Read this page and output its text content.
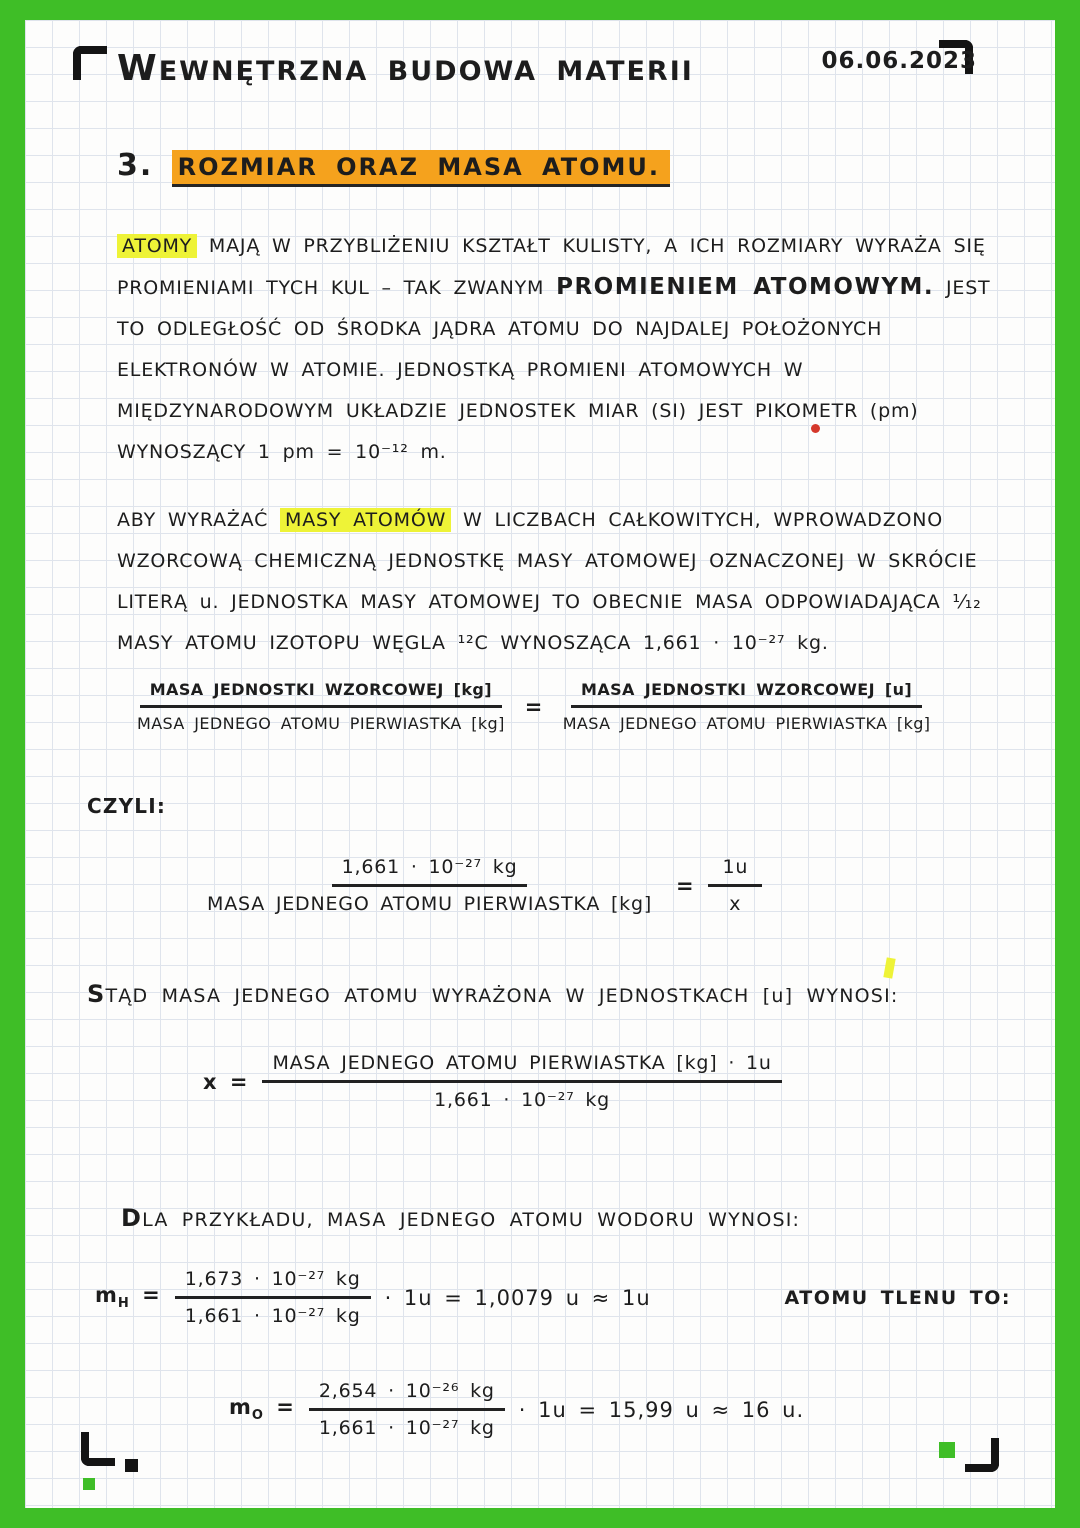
WEWNĘTRZNA BUDOWA MATERII	06.06.2023
3. ROZMIAR ORAZ MASA ATOMU.

ATOMY MAJĄ W PRZYBLIŻENIU KSZTAŁT KULISTY, A ICH ROZMIARY WYRAŻA SIĘ PROMIENIAMI TYCH KUL – TAK ZWANYM PROMIENIEM ATOMOWYM. JEST TO ODLEGŁOŚĆ OD ŚRODKA JĄDRA ATOMU DO NAJDALEJ POŁOŻONYCH ELEKTRONÓW W ATOMIE. JEDNOSTKĄ PROMIENI ATOMOWYCH W MIĘDZYNARODOWYM UKŁADZIE JEDNOSTEK MIAR (SI) JEST PIKOMETR (pm) WYNOSZĄCY 1 pm = 10⁻¹² m.

ABY WYRAŻAĆ MASY ATOMÓW W LICZBACH CAŁKOWITYCH, WPROWADZONO WZORCOWĄ CHEMICZNĄ JEDNOSTKĘ MASY ATOMOWEJ OZNACZONEJ W SKRÓCIE LITERĄ u. JEDNOSTKA MASY ATOMOWEJ TO OBECNIE MASA ODPOWIADAJĄCA ¹⁄₁₂ MASY ATOMU IZOTOPU WĘGLA ¹²C WYNOSZĄCA 1,661 · 10⁻²⁷ kg.

$\frac{\text{MASA JEDNOSTKI WZORCOWEJ [kg]}}{\text{MASA JEDNEGO ATOMU PIERWIASTKA [kg]}} = \frac{\text{MASA JEDNOSTKI WZORCOWEJ [u]}}{\text{MASA JEDNEGO ATOMU PIERWIASTKA [kg]}}$
CZYLI:
$\frac{\text{1,661 · 10⁻²⁷ kg}}{\text{MASA JEDNEGO ATOMU PIERWIASTKA [kg]}} = \frac{1u}{x}$
STĄD MASA JEDNEGO ATOMU WYRAŻONA W JEDNOSTKACH [u] WYNOSI:
$x = \frac{\text{MASA JEDNEGO ATOMU PIERWIASTKA [kg] · 1u}}{\text{1,661 · 10⁻²⁷ kg}}$
DLA PRZYKŁADU, MASA JEDNEGO ATOMU WODORU WYNOSI:
$m_H = \frac{\text{1,673 · 10⁻²⁷ kg}}{\text{1,661 · 10⁻²⁷ kg}} \cdot 1u = 1,0079$ u ≈ 1u	ATOMU TLENU TO:
$m_O = \frac{\text{2,654 · 10⁻²⁶ kg}}{\text{1,661 · 10⁻²⁷ kg}} \cdot 1u = 15,99$ u ≈ 16 u.
